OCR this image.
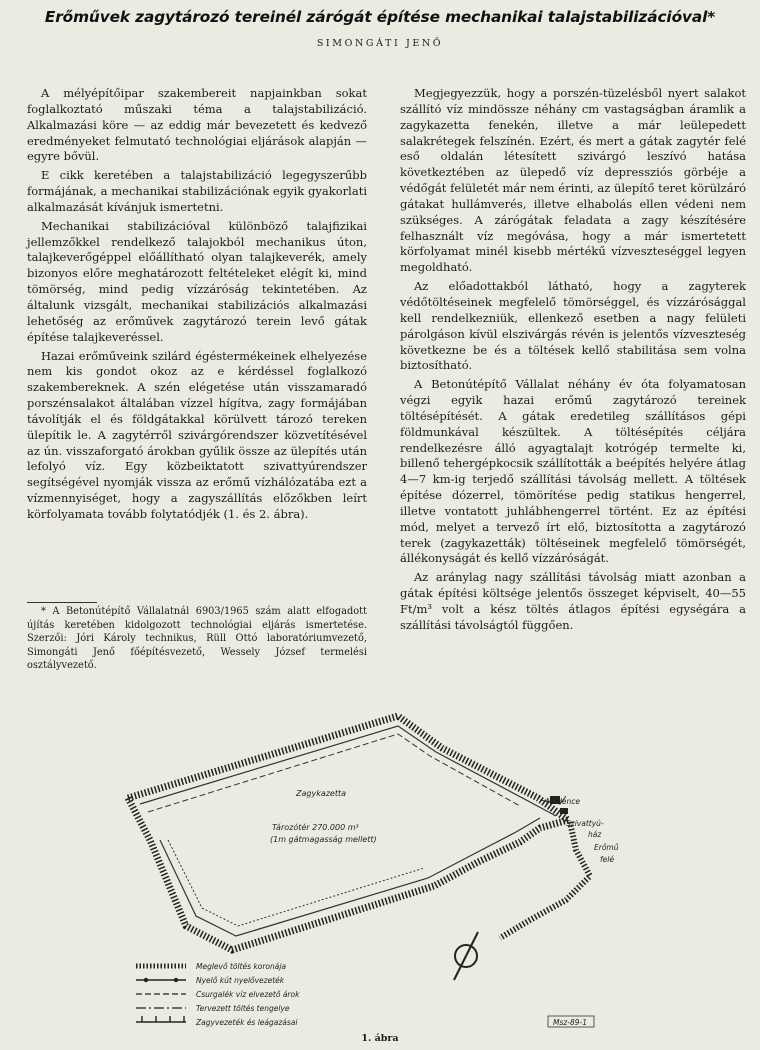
Erőművek zagytározó tereinél zárógát építése mechanikai talajstabilizációval*
SIMONGÁTI JENŐ

A mélyépítőipar szakembereit napjainkban sokat foglalkoztató műszaki téma a talajstabilizáció. Alkalmazási köre — az eddig már bevezetett és kedvező eredményeket felmutató technológiai eljárások alapján — egyre bővül.

E cikk keretében a talajstabilizáció legegyszerűbb formájának, a mechanikai stabilizációnak egyik gyakorlati alkalmazását kívánjuk ismertetni.

Mechanikai stabilizációval különböző talajfizikai jellemzőkkel rendelkező talajokból mechanikus úton, talajkeverőgéppel előállítható olyan talajkeverék, amely bizonyos előre meghatározott feltételeket elégít ki, mind tömörség, mind pedig vízzáróság tekintetében. Az általunk vizsgált, mechanikai stabilizációs alkalmazási lehetőség az erőművek zagytározó terein levő gátak építése talajkeveréssel.

Hazai erőműveink szilárd égéstermékeinek elhelyezése nem kis gondot okoz az e kérdéssel foglalkozó szakembereknek. A szén elégetése után visszamaradó porszénsalakot általában vízzel hígítva, zagy formájában távolítják el és földgátakkal körülvett tározó tereken ülepítik le. A zagytérről szivárgórendszer közvetítésével az ún. visszaforgató árokban gyűlik össze az ülepítés után lefolyó víz. Egy közbeiktatott szivattyúrendszer segítségével nyomják vissza az erőmű vízhálózatába ezt a vízmennyiséget, hogy a zagyszállítás előzőkben leírt körfolyamata tovább folytatódjék (1. és 2. ábra).

* A Betonútépítő Vállalatnál 6903/1965 szám alatt elfogadott újítás keretében kidolgozott technológiai eljárás ismertetése. Szerzői: Jóri Károly technikus, Rüll Ottó laboratóriumvezető, Simongáti Jenő főépítésvezető, Wessely József termelési osztályvezető.

Megjegyezzük, hogy a porszén-tüzelésből nyert salakot szállító víz mindössze néhány cm vastagságban áramlik a zagykazetta fenekén, illetve a már leülepedett salakrétegek felszínén. Ezért, és mert a gátak zagytér felé eső oldalán létesített szivárgó leszívó hatása következtében az ülepedő víz depressziós görbéje a védőgát felületét már nem érinti, az ülepítő teret körülzáró gátakat hullámverés, illetve elhabolás ellen védeni nem szükséges. A zárógátak feladata a zagy készítésére felhasznált víz megóvása, hogy a már ismertetett körfolyamat minél kisebb mértékű vízveszteséggel legyen megoldható.

Az előadottakból látható, hogy a zagyterek védőtöltéseinek megfelelő tömörséggel, és vízzárósággal kell rendelkezniük, ellenkező esetben a nagy felületi párolgáson kívül elszivárgás révén is jelentős vízveszteség következne be és a töltések kellő stabilitása sem volna biztosítható.

A Betonútépítő Vállalat néhány év óta folyamatosan végzi egyik hazai erőmű zagytározó tereinek töltésépítését. A gátak eredetileg szállításos gépi földmunkával készültek. A töltésépítés céljára rendelkezésre álló agyagtalajt kotrógép termelte ki, billenő tehergépkocsik szállították a beépítés helyére átlag 4—7 km-ig terjedő szállítási távolság mellett. A töltések építése dózerrel, tömörítése pedig statikus hengerrel, illetve vontatott juhlábhengerrel történt. Ez az építési mód, melyet a tervező írt elő, biztosította a zagytározó terek (zagykazetták) töltéseinek megfelelő tömörségét, állékonyságát és kellő vízzáróságát.

Az aránylag nagy szállítási távolság miatt azonban a gátak építési költsége jelentős összeget képviselt, 40—55 Ft/m³ volt a kész töltés átlagos építési egységára a szállítási távolságtól függően.

Zagykazetta
Tározótér 270.000 m³
(1m gátmagasság mellett)
Medence
Szivattyú-
ház
Erőmű
felé
Meglevő töltés koronája
Nyelő kút nyelővezeték
Csurgalék víz elvezető árok
Tervezett töltés tengelye
Zagyvezeték és leágazásai	Msz-89-1
1. ábra
